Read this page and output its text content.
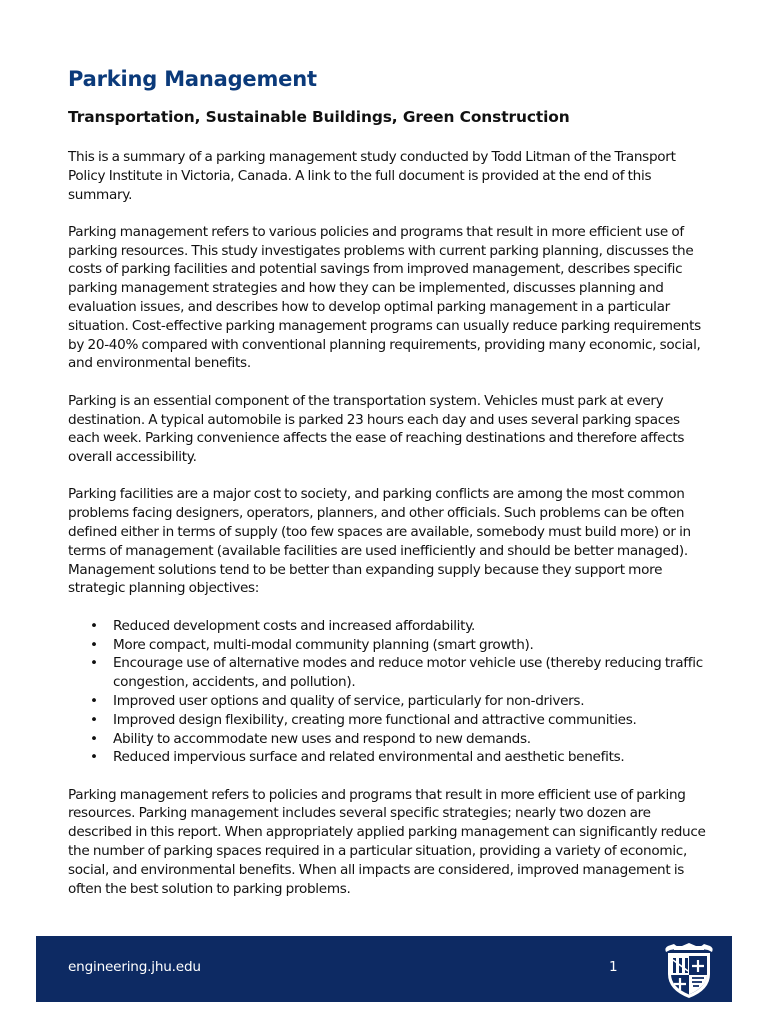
Parking Management
Transportation, Sustainable Buildings, Green Construction

This is a summary of a parking management study conducted by Todd Litman of the Transport Policy Institute in Victoria, Canada. A link to the full document is provided at the end of this summary.

Parking management refers to various policies and programs that result in more efficient use of parking resources. This study investigates problems with current parking planning, discusses the costs of parking facilities and potential savings from improved management, describes specific parking management strategies and how they can be implemented, discusses planning and evaluation issues, and describes how to develop optimal parking management in a particular situation. Cost-effective parking management programs can usually reduce parking requirements by 20-40% compared with conventional planning requirements, providing many economic, social, and environmental benefits.

Parking is an essential component of the transportation system. Vehicles must park at every destination. A typical automobile is parked 23 hours each day and uses several parking spaces each week. Parking convenience affects the ease of reaching destinations and therefore affects overall accessibility.

Parking facilities are a major cost to society, and parking conflicts are among the most common problems facing designers, operators, planners, and other officials. Such problems can be often defined either in terms of supply (too few spaces are available, somebody must build more) or in terms of management (available facilities are used inefficiently and should be better managed). Management solutions tend to be better than expanding supply because they support more strategic planning objectives:

• Reduced development costs and increased affordability.
• More compact, multi-modal community planning (smart growth).
• Encourage use of alternative modes and reduce motor vehicle use (thereby reducing traffic congestion, accidents, and pollution).
• Improved user options and quality of service, particularly for non-drivers.
• Improved design flexibility, creating more functional and attractive communities.
• Ability to accommodate new uses and respond to new demands.
• Reduced impervious surface and related environmental and aesthetic benefits.

Parking management refers to policies and programs that result in more efficient use of parking resources. Parking management includes several specific strategies; nearly two dozen are described in this report. When appropriately applied parking management can significantly reduce the number of parking spaces required in a particular situation, providing a variety of economic, social, and environmental benefits. When all impacts are considered, improved management is often the best solution to parking problems.

engineering.jhu.edu	1
